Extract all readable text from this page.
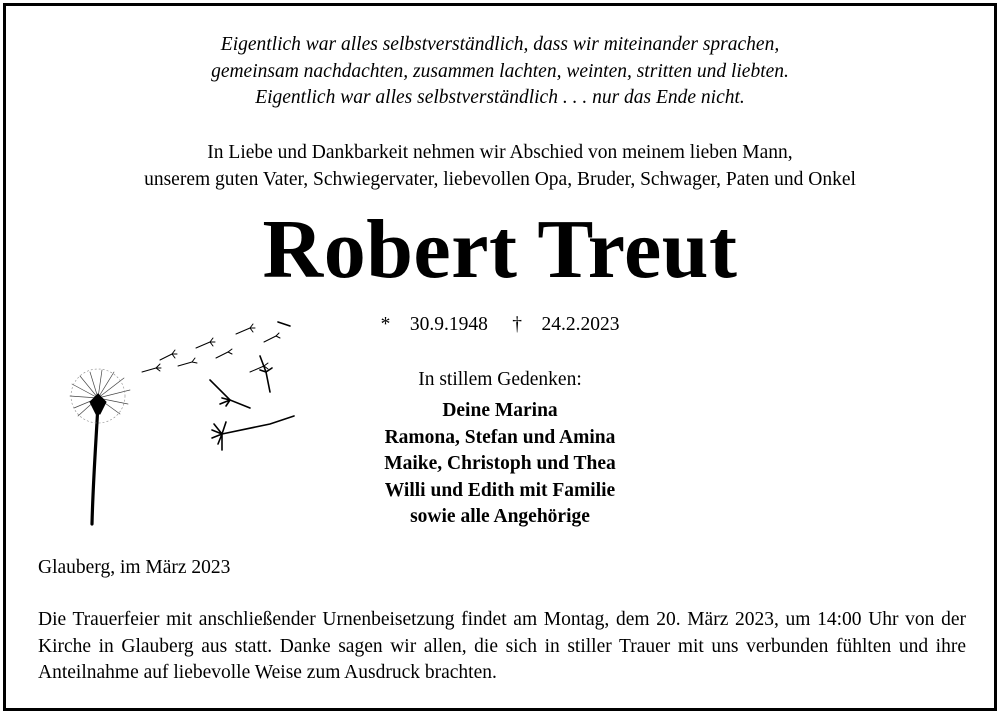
Eigentlich war alles selbstverständlich, dass wir miteinander sprachen,
gemeinsam nachdachten, zusammen lachten, weinten, stritten und liebten.
Eigentlich war alles selbstverständlich . . . nur das Ende nicht.
In Liebe und Dankbarkeit nehmen wir Abschied von meinem lieben Mann,
unserem guten Vater, Schwiegervater, liebevollen Opa, Bruder, Schwager, Paten und Onkel
Robert Treut
* 30.9.1948 † 24.2.2023
In stillem Gedenken:
Deine Marina
Ramona, Stefan und Amina
Maike, Christoph und Thea
Willi und Edith mit Familie
sowie alle Angehörige
Glauberg, im März 2023
Die Trauerfeier mit anschließender Urnenbeisetzung findet am Montag, dem 20. März 2023, um 14:00 Uhr von der Kirche in Glauberg aus statt. Danke sagen wir allen, die sich in stiller Trauer mit uns verbunden fühlten und ihre Anteilnahme auf liebevolle Weise zum Ausdruck brachten.
